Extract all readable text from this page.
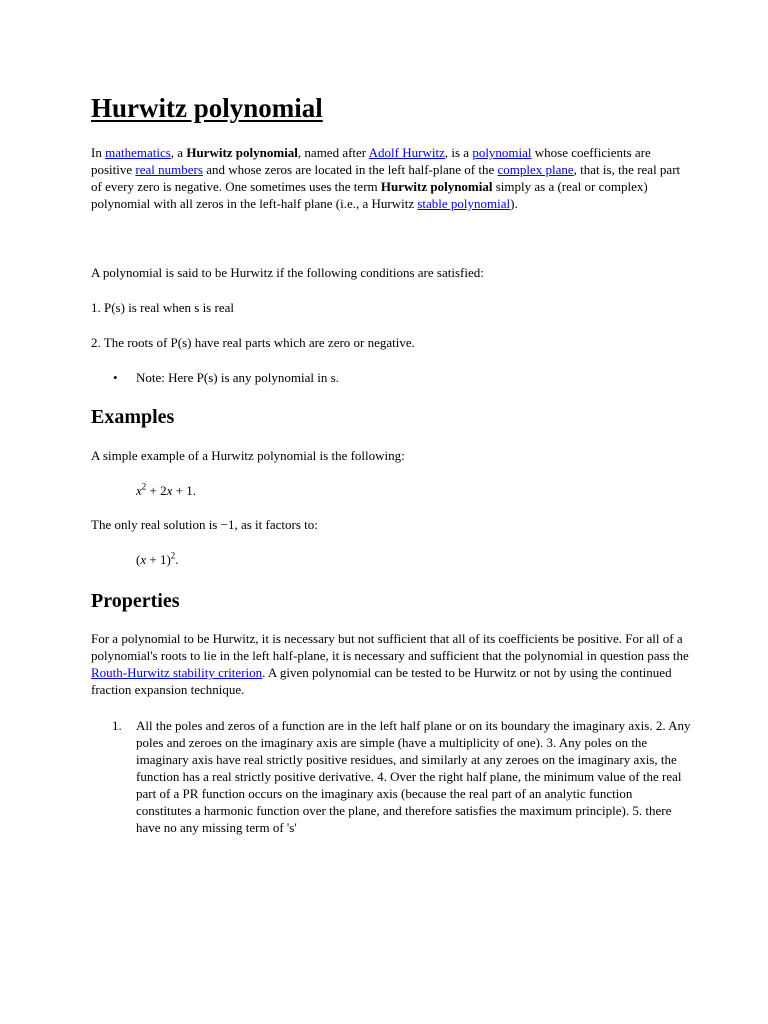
Hurwitz polynomial

In mathematics, a Hurwitz polynomial, named after Adolf Hurwitz, is a polynomial whose coefficients are positive real numbers and whose zeros are located in the left half-plane of the complex plane, that is, the real part of every zero is negative. One sometimes uses the term Hurwitz polynomial simply as a (real or complex) polynomial with all zeros in the left-half plane (i.e., a Hurwitz stable polynomial).

A polynomial is said to be Hurwitz if the following conditions are satisfied:

1. P(s) is real when s is real

2. The roots of P(s) have real parts which are zero or negative.

• Note: Here P(s) is any polynomial in s.
Examples

A simple example of a Hurwitz polynomial is the following:

$x^2 + 2x + 1$.

The only real solution is −1, as it factors to:

$(x + 1)^2$.

Properties

For a polynomial to be Hurwitz, it is necessary but not sufficient that all of its coefficients be positive. For all of a polynomial's roots to lie in the left half-plane, it is necessary and sufficient that the polynomial in question pass the Routh-Hurwitz stability criterion. A given polynomial can be tested to be Hurwitz or not by using the continued fraction expansion technique.

1. All the poles and zeros of a function are in the left half plane or on its boundary the imaginary axis. 2. Any poles and zeroes on the imaginary axis are simple (have a multiplicity of one). 3. Any poles on the imaginary axis have real strictly positive residues, and similarly at any zeroes on the imaginary axis, the function has a real strictly positive derivative. 4. Over the right half plane, the minimum value of the real part of a PR function occurs on the imaginary axis (because the real part of an analytic function constitutes a harmonic function over the plane, and therefore satisfies the maximum principle). 5. there have no any missing term of 's'
